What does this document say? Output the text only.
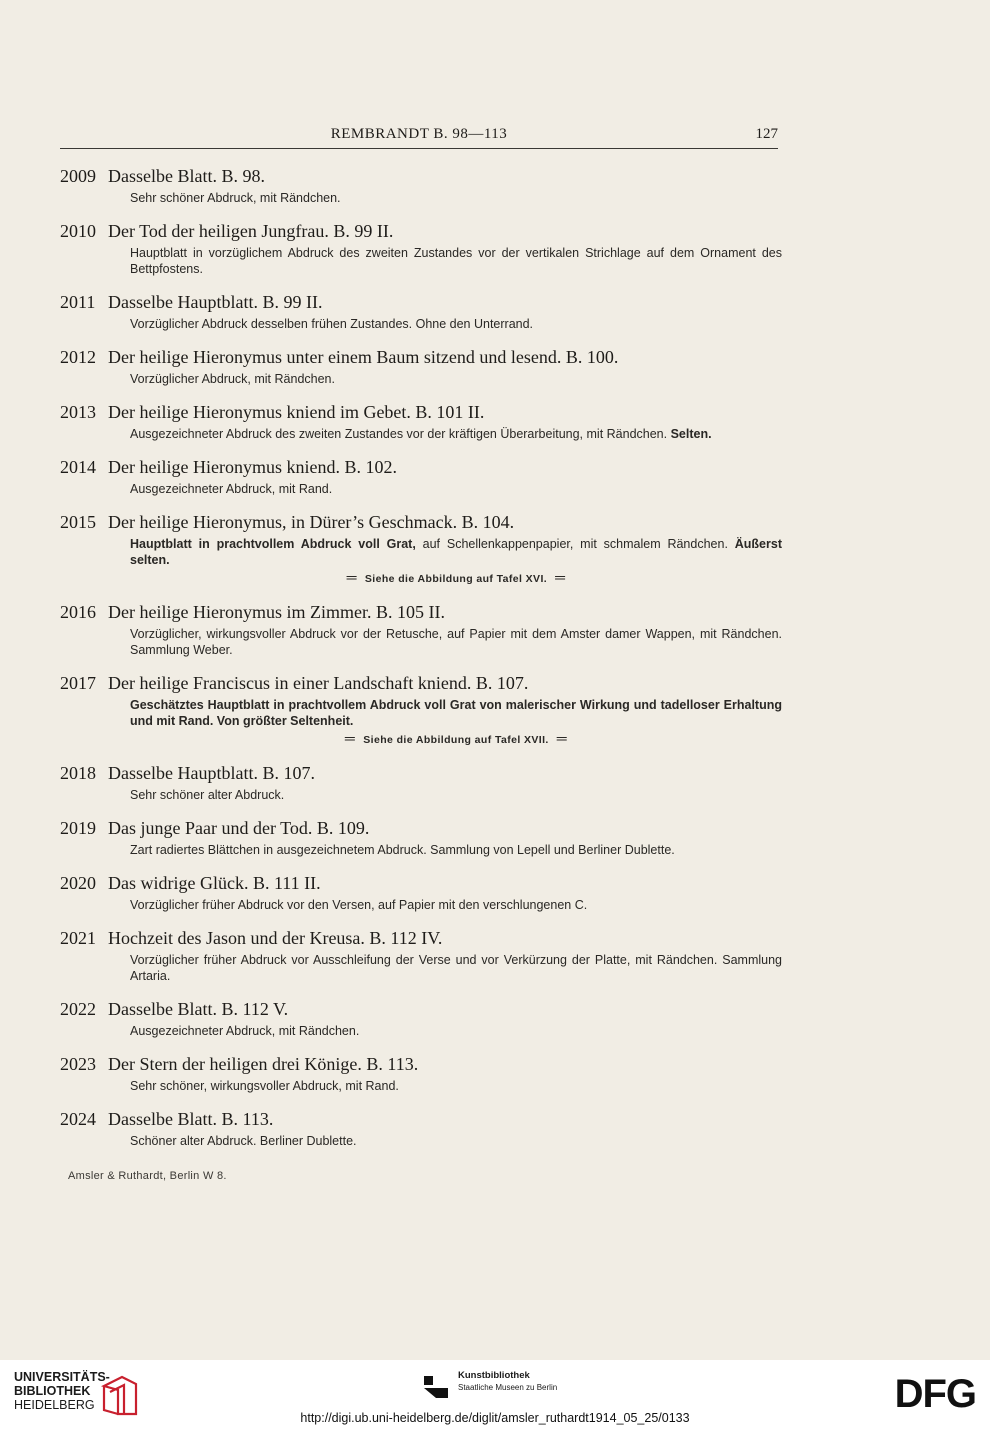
REMBRANDT B. 98—113	127
2009 Dasselbe Blatt. B. 98.
Sehr schöner Abdruck, mit Rändchen.
2010 Der Tod der heiligen Jungfrau. B. 99 II.
Hauptblatt in vorzüglichem Abdruck des zweiten Zustandes vor der vertikalen Strichlage auf dem Ornament des Bettpfostens.
2011 Dasselbe Hauptblatt. B. 99 II.
Vorzüglicher Abdruck desselben frühen Zustandes. Ohne den Unterrand.
2012 Der heilige Hieronymus unter einem Baum sitzend und lesend. B. 100.
Vorzüglicher Abdruck, mit Rändchen.
2013 Der heilige Hieronymus kniend im Gebet. B. 101 II.
Ausgezeichneter Abdruck des zweiten Zustandes vor der kräftigen Überarbeitung, mit Rändchen. Selten.
2014 Der heilige Hieronymus kniend. B. 102.
Ausgezeichneter Abdruck, mit Rand.
2015 Der heilige Hieronymus, in Dürer’s Geschmack. B. 104.
Hauptblatt in prachtvollem Abdruck voll Grat, auf Schellenkappenpapier, mit schmalem Rändchen. Äußerst selten.
═ Siehe die Abbildung auf Tafel XVI. ═
2016 Der heilige Hieronymus im Zimmer. B. 105 II.
Vorzüglicher, wirkungsvoller Abdruck vor der Retusche, auf Papier mit dem Amster damer Wappen, mit Rändchen. Sammlung Weber.
2017 Der heilige Franciscus in einer Landschaft kniend. B. 107.
Geschätztes Hauptblatt in prachtvollem Abdruck voll Grat von malerischer Wirkung und tadelloser Erhaltung und mit Rand. Von größter Seltenheit.
═ Siehe die Abbildung auf Tafel XVII. ═
2018 Dasselbe Hauptblatt. B. 107.
Sehr schöner alter Abdruck.
2019 Das junge Paar und der Tod. B. 109.
Zart radiertes Blättchen in ausgezeichnetem Abdruck. Sammlung von Lepell und Berliner Dublette.
2020 Das widrige Glück. B. 111 II.
Vorzüglicher früher Abdruck vor den Versen, auf Papier mit den verschlungenen C.
2021 Hochzeit des Jason und der Kreusa. B. 112 IV.
Vorzüglicher früher Abdruck vor Ausschleifung der Verse und vor Verkürzung der Platte, mit Rändchen. Sammlung Artaria.
2022 Dasselbe Blatt. B. 112 V.
Ausgezeichneter Abdruck, mit Rändchen.
2023 Der Stern der heiligen drei Könige. B. 113.
Sehr schöner, wirkungsvoller Abdruck, mit Rand.
2024 Dasselbe Blatt. B. 113.
Schöner alter Abdruck. Berliner Dublette.
Amsler & Ruthardt, Berlin W 8.
UNIVERSITÄTS-
BIBLIOTHEK
HEIDELBERG
Kunstbibliothek
Staatliche Museen zu Berlin	DFG
http://digi.ub.uni-heidelberg.de/diglit/amsler_ruthardt1914_05_25/0133
